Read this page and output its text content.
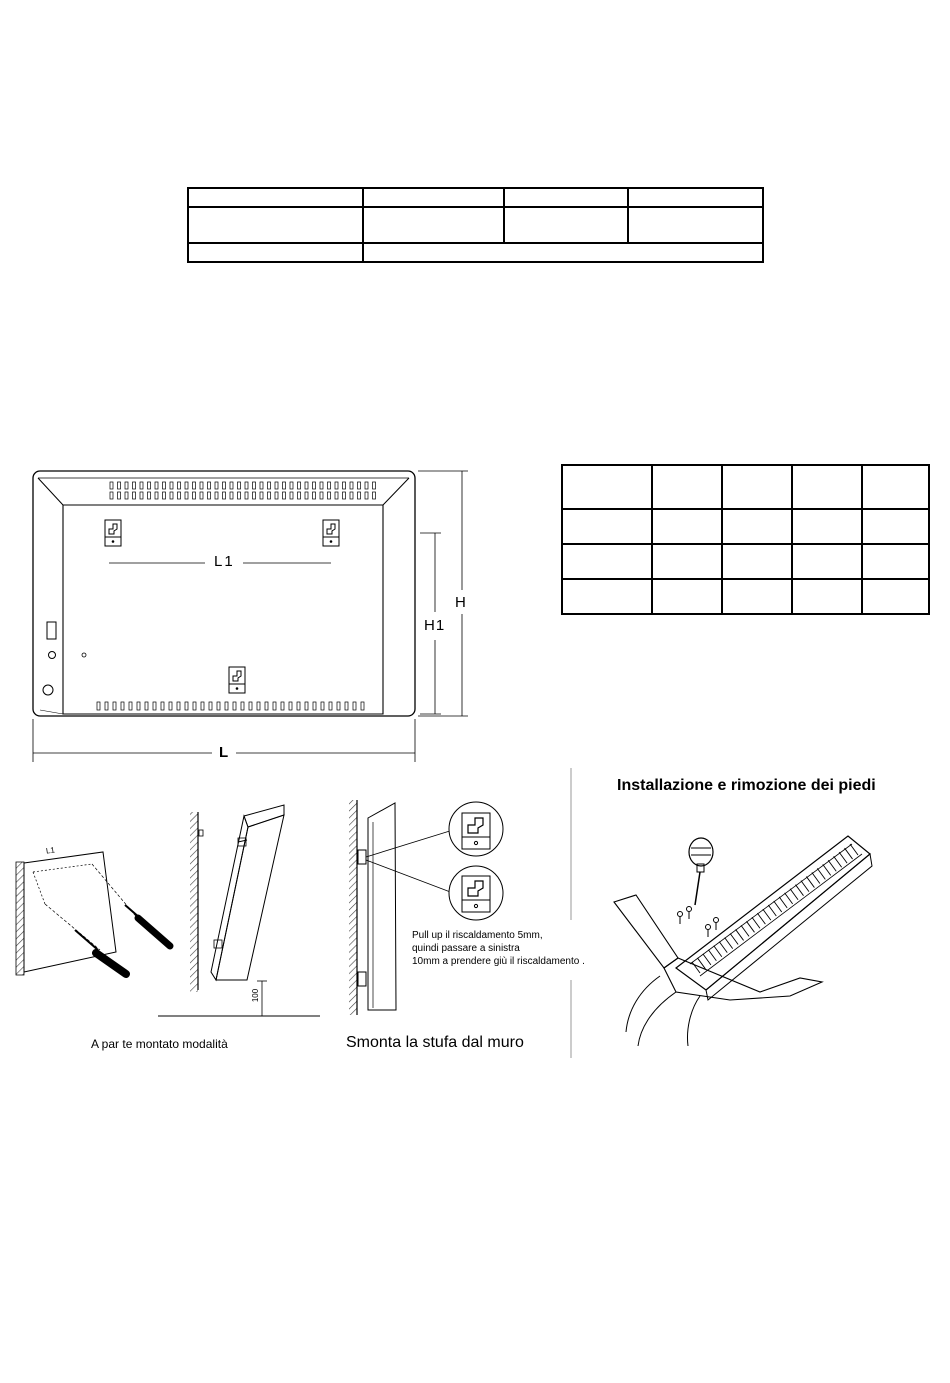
L1
H1
H
L
L1
100
A par te montato modalità	Smonta la stufa dal muro
Pull up il riscaldamento 5mm,
quindi passare a sinistra
10mm a prendere giù il riscaldamento .
Installazione e rimozione dei piedi
